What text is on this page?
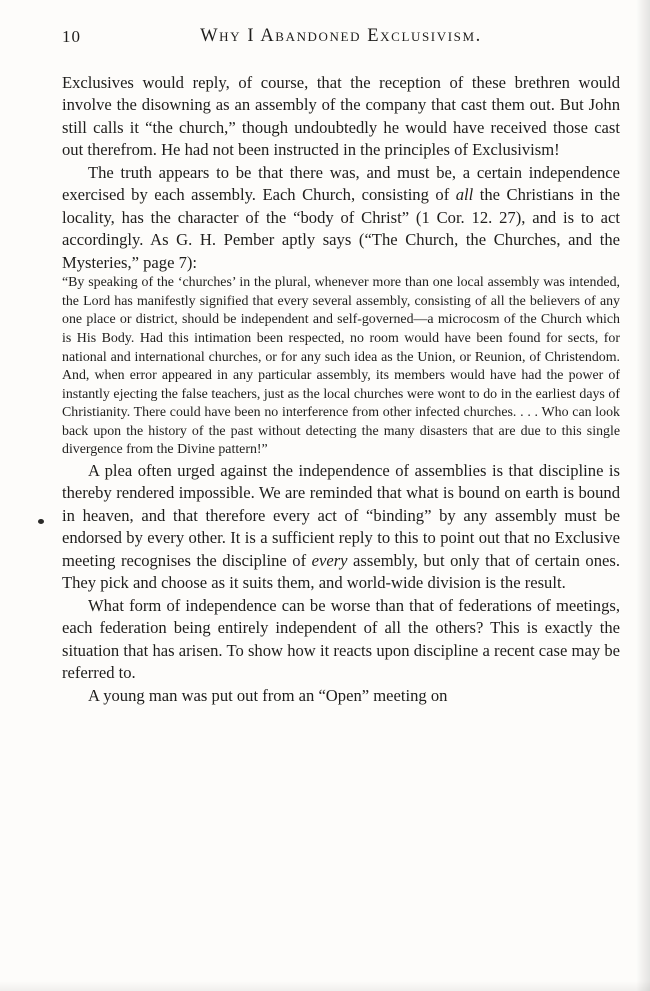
10	Why I Abandoned Exclusivism.

Exclusives would reply, of course, that the reception of these brethren would involve the disowning as an assembly of the company that cast them out. But John still calls it “the church,” though undoubtedly he would have received those cast out therefrom. He had not been instructed in the principles of Exclusivism!

The truth appears to be that there was, and must be, a certain independence exercised by each assembly. Each Church, consisting of all the Christians in the locality, has the character of the “body of Christ” (1 Cor. 12. 27), and is to act accordingly. As G. H. Pember aptly says (“The Church, the Churches, and the Mysteries,” page 7):

“By speaking of the ‘churches’ in the plural, whenever more than one local assembly was intended, the Lord has manifestly signified that every several assembly, consisting of all the believers of any one place or district, should be independent and self-governed—a microcosm of the Church which is His Body. Had this intimation been respected, no room would have been found for sects, for national and international churches, or for any such idea as the Union, or Reunion, of Christendom. And, when error appeared in any particular assembly, its members would have had the power of instantly ejecting the false teachers, just as the local churches were wont to do in the earliest days of Christianity. There could have been no interference from other infected churches. . . . Who can look back upon the history of the past without detecting the many disasters that are due to this single divergence from the Divine pattern!”

A plea often urged against the independence of assemblies is that discipline is thereby rendered impossible. We are reminded that what is bound on earth is bound in heaven, and that therefore every act of “binding” by any assembly must be endorsed by every other. It is a sufficient reply to this to point out that no Exclusive meeting recognises the discipline of every assembly, but only that of certain ones. They pick and choose as it suits them, and world-wide division is the result.

What form of independence can be worse than that of federations of meetings, each federation being entirely independent of all the others? This is exactly the situation that has arisen. To show how it reacts upon discipline a recent case may be referred to.

A young man was put out from an “Open” meeting on
